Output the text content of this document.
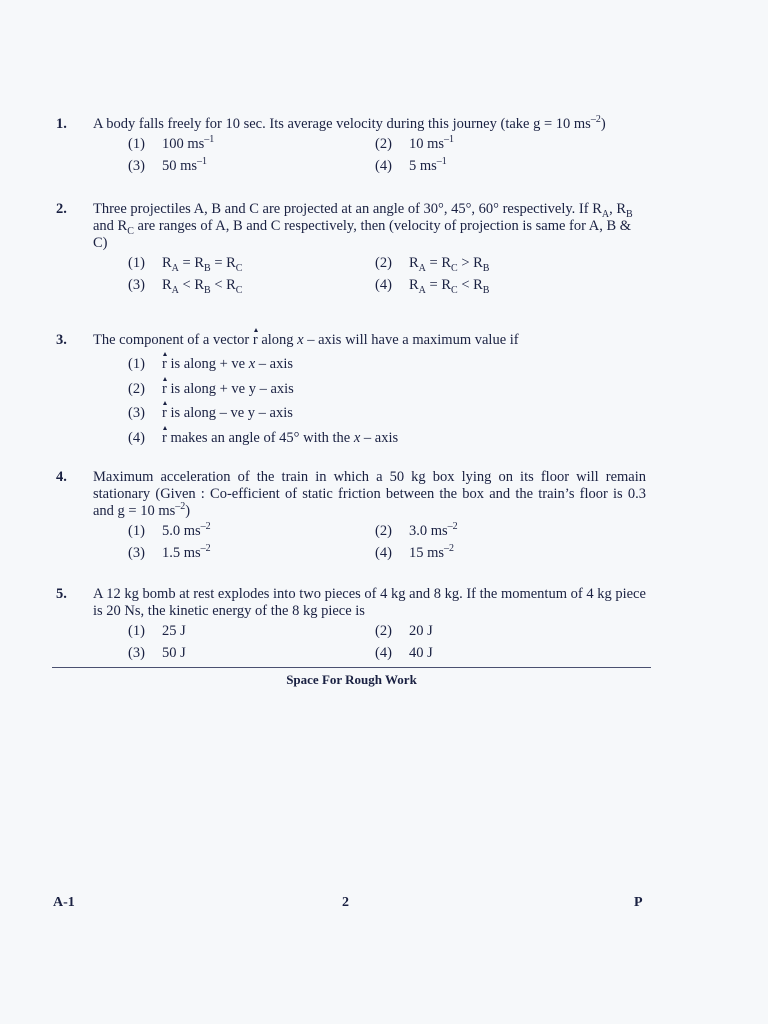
1. A body falls freely for 10 sec. Its average velocity during this journey (take g = 10 $ms^{-2}$)
(1) 100 $ms^{-1}$	(2) 10 $ms^{-1}$
(3) 50 $ms^{-1}$	(4) 5 $ms^{-1}$
2. Three projectiles A, B and C are projected at an angle of 30°, 45°, 60° respectively. If $R_A$, $R_B$ and $R_C$ are ranges of A, B and C respectively, then (velocity of projection is same for A, B & C)
(1) $R_A = R_B = R_C$	(2) $R_A = R_C > R_B$
(3) $R_A < R_B < R_C$	(4) $R_A = R_C < R_B$
3. The component of a vector r along x – axis will have a maximum value if
(1) r is along + ve x – axis
(2) r is along + ve y – axis
(3) r is along – ve y – axis
(4) r makes an angle of 45° with the x – axis
4. Maximum acceleration of the train in which a 50 kg box lying on its floor will remain stationary (Given : Co-efficient of static friction between the box and the train’s floor is 0.3 and g = 10 $ms^{-2}$)
(1) 5.0 $ms^{-2}$	(2) 3.0 $ms^{-2}$
(3) 1.5 $ms^{-2}$	(4) 15 $ms^{-2}$
5. A 12 kg bomb at rest explodes into two pieces of 4 kg and 8 kg. If the momentum of 4 kg piece is 20 Ns, the kinetic energy of the 8 kg piece is
(1) 25 J	(2) 20 J
(3) 50 J	(4) 40 J
Space For Rough Work
A-1	2	P
